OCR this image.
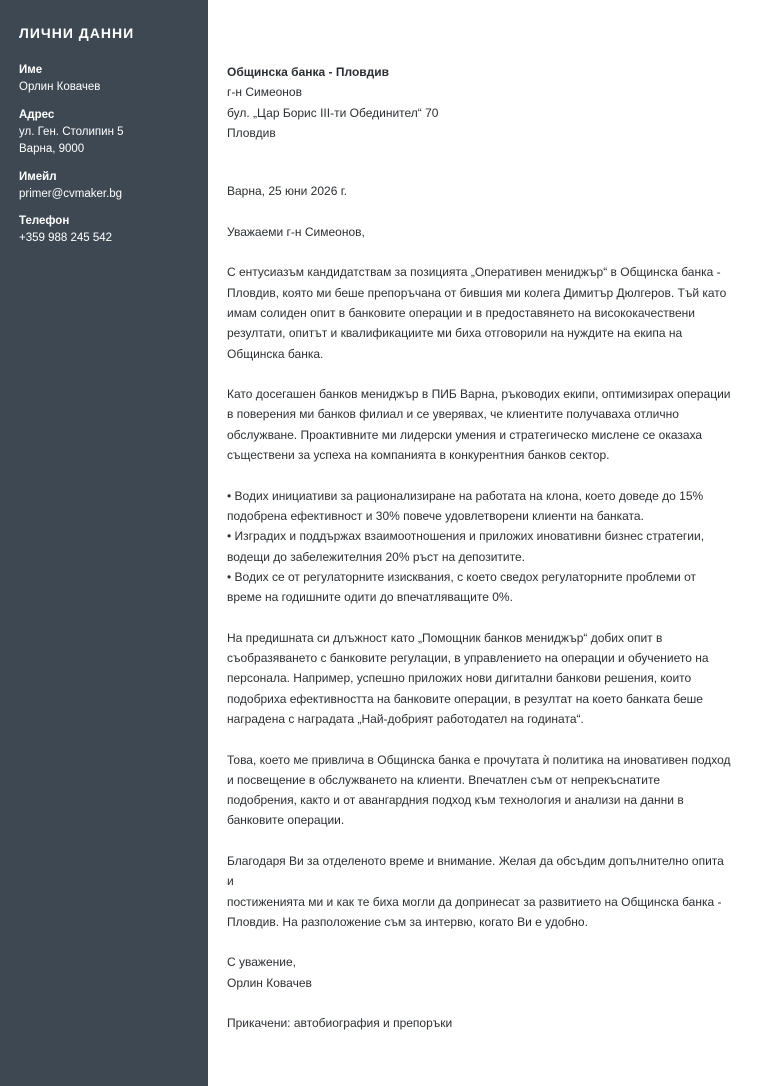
ЛИЧНИ ДАННИ
Име
Орлин Ковачев
Адрес
ул. Ген. Столипин 5
Варна, 9000
Имейл
primer@cvmaker.bg
Телефон
+359 988 245 542
Общинска банка - Пловдив
г-н Симеонов
бул. „Цар Борис III-ти Обединител“ 70
Пловдив
Варна, 25 юни 2026 г.
Уважаеми г-н Симеонов,
С ентусиазъм кандидатствам за позицията „Оперативен мениджър“ в Общинска банка -
Пловдив, която ми беше препоръчана от бившия ми колега Димитър Дюлгеров. Тъй като
имам солиден опит в банковите операции и в предоставянето на висококачествени
резултати, опитът и квалификациите ми биха отговорили на нуждите на екипа на
Общинска банка.
Като досегашен банков мениджър в ПИБ Варна, ръководих екипи, оптимизирах операции
в поверения ми банков филиал и се уверявах, че клиентите получаваха отлично
обслужване. Проактивните ми лидерски умения и стратегическо мислене се оказаха
съществени за успеха на компанията в конкурентния банков сектор.
• Водих инициативи за рационализиране на работата на клона, което доведе до 15%
подобрена ефективност и 30% повече удовлетворени клиенти на банката.
• Изградих и поддържах взаимоотношения и приложих иновативни бизнес стратегии,
водещи до забележителния 20% ръст на депозитите.
• Водих се от регулаторните изисквания, с което сведох регулаторните проблеми от
време на годишните одити до впечатляващите 0%.
На предишната си длъжност като „Помощник банков мениджър“ добих опит в
съобразяването с банковите регулации, в управлението на операции и обучението на
персонала. Например, успешно приложих нови дигитални банкови решения, които
подобриха ефективността на банковите операции, в резултат на което банката беше
наградена с наградата „Най-добрият работодател на годината“.
Това, което ме привлича в Общинска банка е прочутата ѝ политика на иновативен подход
и посвещение в обслужването на клиенти. Впечатлен съм от непрекъснатите
подобрения, както и от авангардния подход към технология и анализи на данни в
банковите операции.
Благодаря Ви за отделеното време и внимание. Желая да обсъдим допълнително опита и
постиженията ми и как те биха могли да допринесат за развитието на Общинска банка -
Пловдив. На разположение съм за интервю, когато Ви е удобно.
С уважение,
Орлин Ковачев
Прикачени: автобиография и препоръки
